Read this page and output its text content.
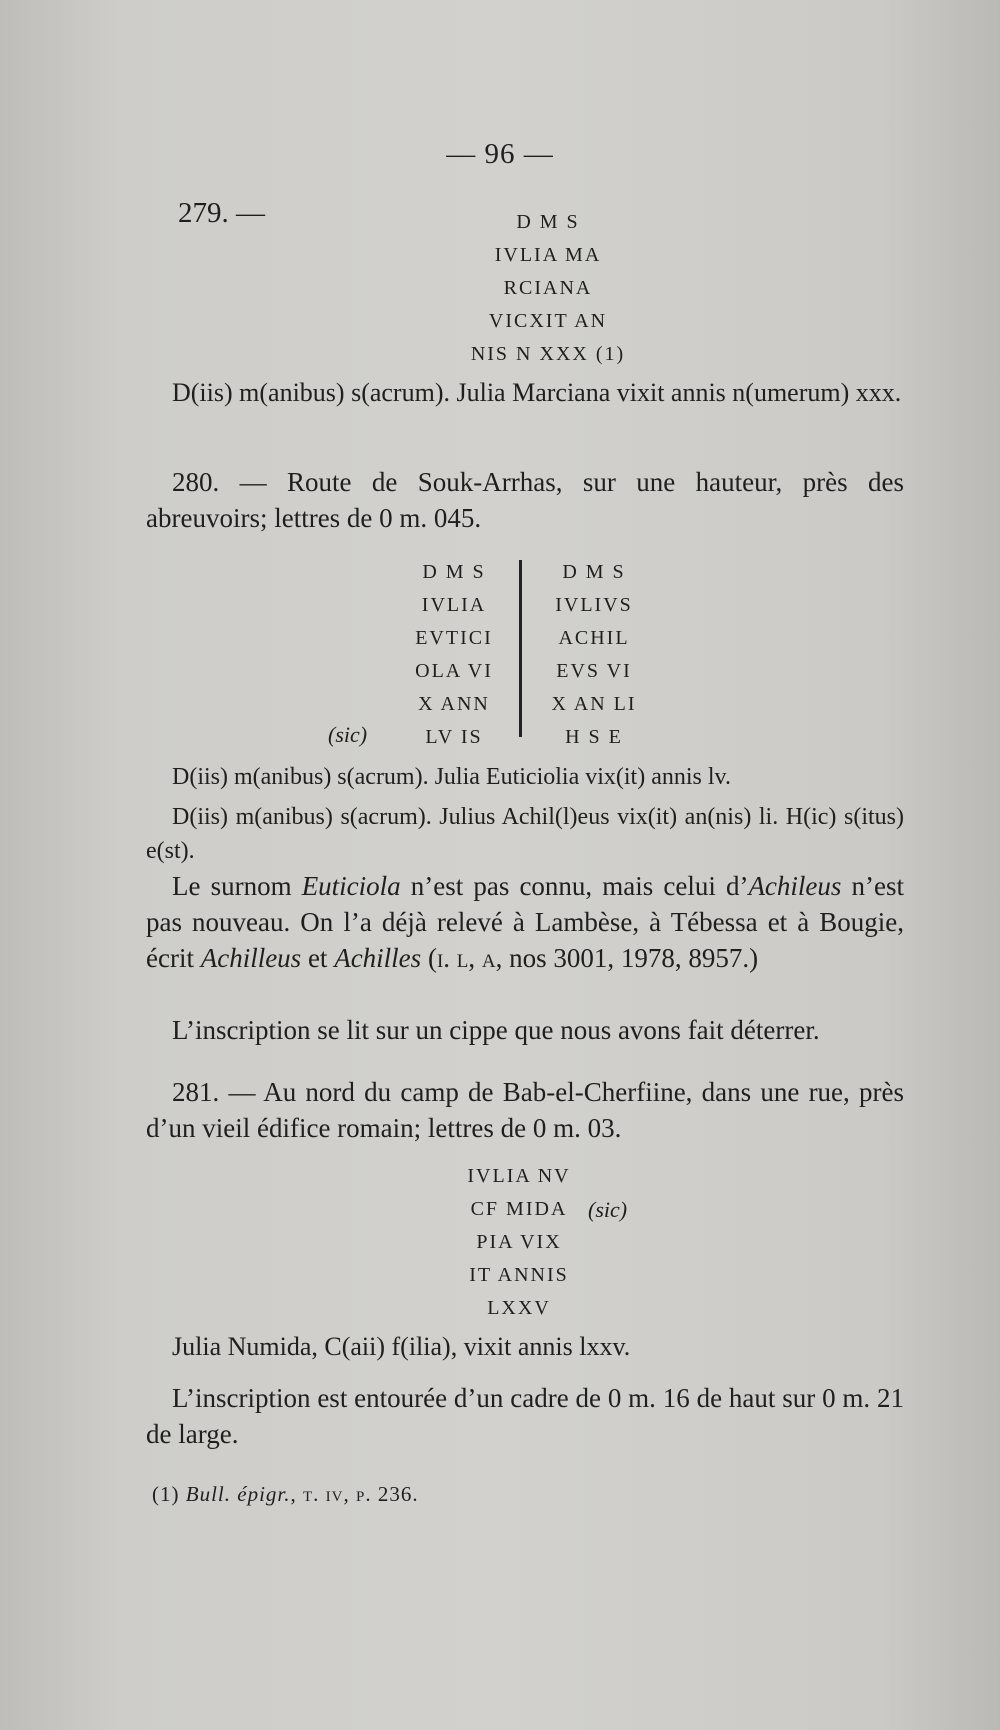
— 96 —
279. —	D M S
IVLIA MA
RCIANA
VICXIT AN
NIS N XXX (1)
D(iis) m(anibus) s(acrum). Julia Marciana vixit annis n(umerum) xxx.
280. — Route de Souk-Arrhas, sur une hauteur, près des abreuvoirs; lettres de 0 m. 045.
D M S
IVLIA
EVTICI
OLA VI
X ANN
LV IS
(sic)
D M S
IVLIVS
ACHIL
EVS VI
X AN LI
H S E
D(iis) m(anibus) s(acrum). Julia Euticiolia vix(it) annis lv.
D(iis) m(anibus) s(acrum). Julius Achil(l)eus vix(it) an(nis) li. H(ic) s(itus) e(st).
Le surnom Euticiola n’est pas connu, mais celui d’Achileus n’est pas nouveau. On l’a déjà relevé à Lambèse, à Tébessa et à Bougie, écrit Achilleus et Achilles (i. l, a, nos 3001, 1978, 8957.)
L’inscription se lit sur un cippe que nous avons fait déterrer.
281. — Au nord du camp de Bab-el-Cherfiine, dans une rue, près d’un vieil édifice romain; lettres de 0 m. 03.
IVLIA NV
CF MIDA
PIA VIX
IT ANNIS
LXXV
(sic)
Julia Numida, C(aii) f(ilia), vixit annis lxxv.
L’inscription est entourée d’un cadre de 0 m. 16 de haut sur 0 m. 21 de large.
(1) Bull. épigr., t. iv, p. 236.
